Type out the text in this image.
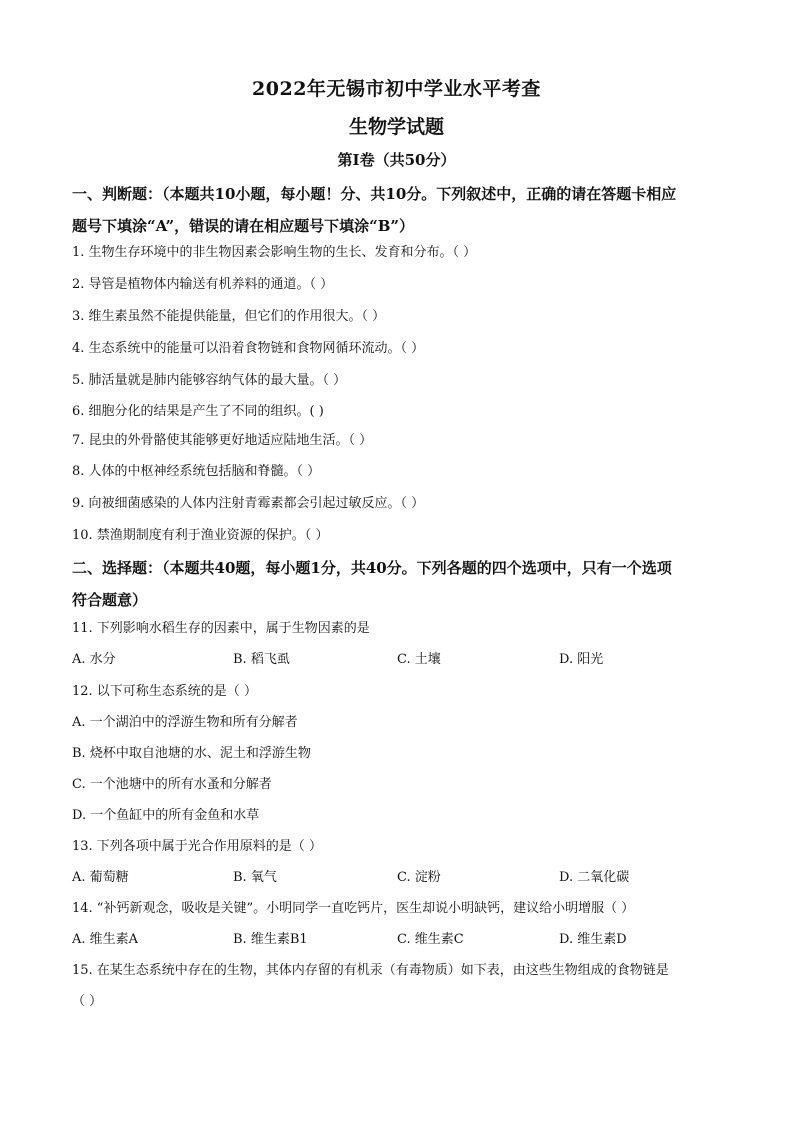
2022年无锡市初中学业水平考查
生物学试题
第Ⅰ卷（共50分）
一、判断题：（本题共10小题，每小题！分、共10分。下列叙述中，正确的请在答题卡相应
题号下填涂“A”，错误的请在相应题号下填涂“B”）
1. 生物生存环境中的非生物因素会影响生物的生长、发育和分布。（ ）
2. 导管是植物体内输送有机养料的通道。（ ）
3. 维生素虽然不能提供能量，但它们的作用很大。（ ）
4. 生态系统中的能量可以沿着食物链和食物网循环流动。（ ）
5. 肺活量就是肺内能够容纳气体的最大量。（ ）
6. 细胞分化的结果是产生了不同的组织。( )
7. 昆虫的外骨骼使其能够更好地适应陆地生活。（ ）
8. 人体的中枢神经系统包括脑和脊髓。（ ）
9. 向被细菌感染的人体内注射青霉素都会引起过敏反应。（ ）
10. 禁渔期制度有利于渔业资源的保护。（ ）
二、选择题：（本题共40题，每小题1分，共40分。下列各题的四个选项中，只有一个选项
符合题意）
11. 下列影响水稻生存的因素中，属于生物因素的是
A. 水分	B. 稻飞虱	C. 土壤	D. 阳光
12. 以下可称生态系统的是（ ）
A. 一个湖泊中的浮游生物和所有分解者
B. 烧杯中取自池塘的水、泥土和浮游生物
C. 一个池塘中的所有水蚤和分解者
D. 一个鱼缸中的所有金鱼和水草
13. 下列各项中属于光合作用原料的是（ ）
A. 葡萄糖	B. 氧气	C. 淀粉	D. 二氧化碳
14. “补钙新观念，吸收是关键”。小明同学一直吃钙片，医生却说小明缺钙，建议给小明增服（ ）
A. 维生素A	B. 维生素B1	C. 维生素C	D. 维生素D
15. 在某生态系统中存在的生物，其体内存留的有机汞（有毒物质）如下表，由这些生物组成的食物链是
（ ）
